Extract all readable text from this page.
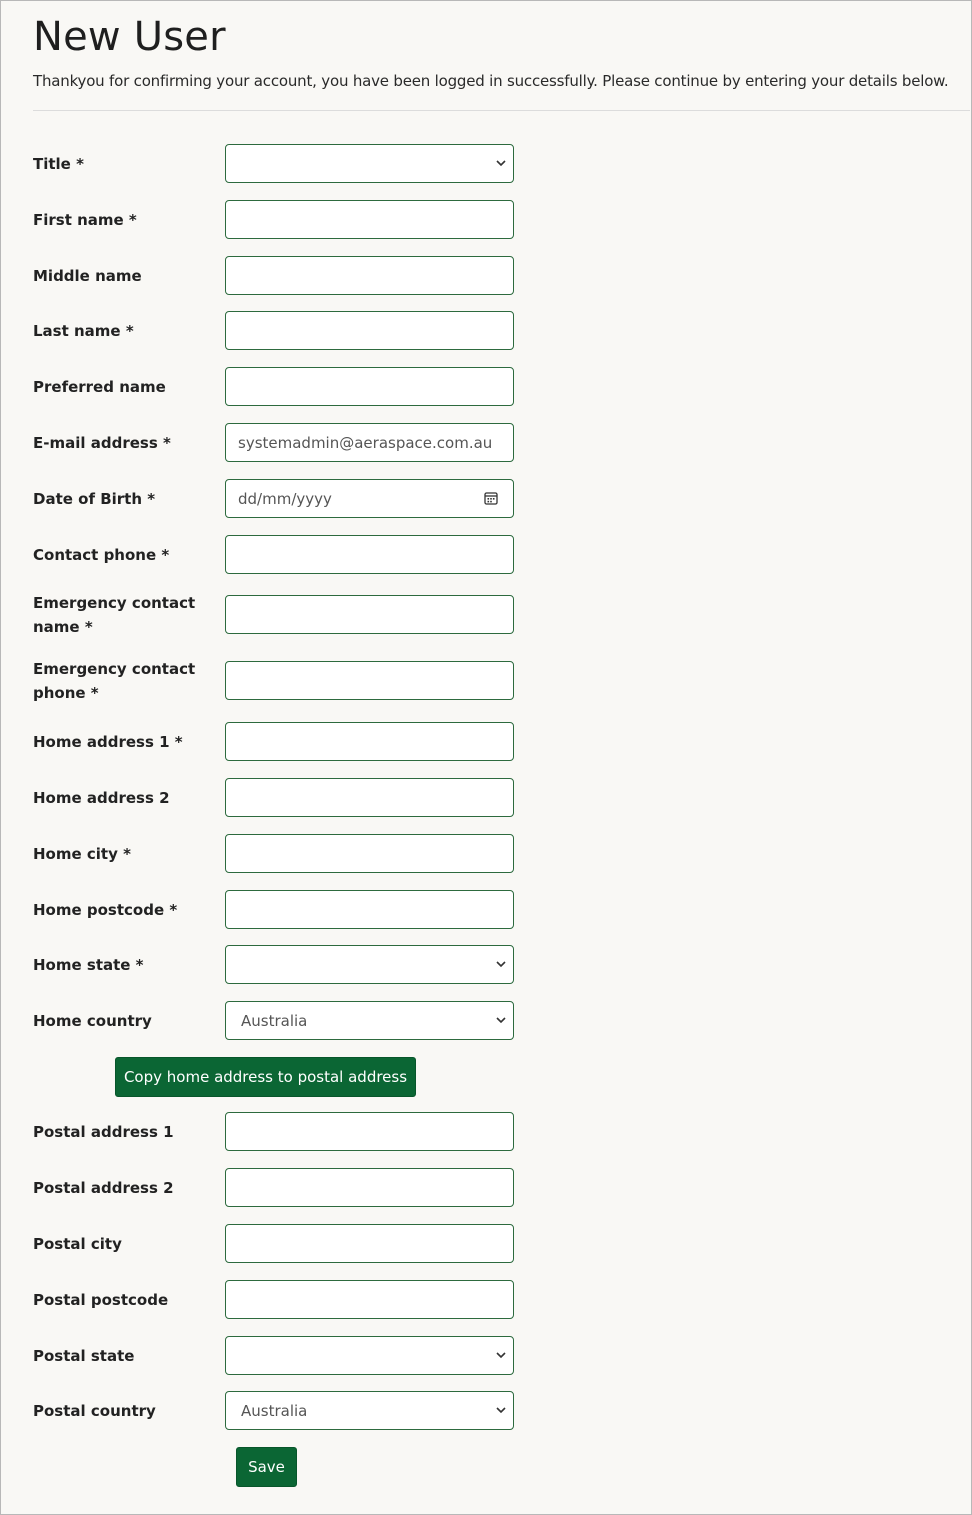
New User
Thankyou for confirming your account, you have been logged in successfully. Please continue by entering your details below.
Title *
First name *
Middle name
Last name *
Preferred name
E-mail address *	systemadmin@aeraspace.com.au
Date of Birth *	dd/mm/yyyy
Contact phone *
Emergency contact name *
Emergency contact phone *
Home address 1 *
Home address 2
Home city *
Home postcode *
Home state *
Home country	Australia
Copy home address to postal address
Postal address 1
Postal address 2
Postal city
Postal postcode
Postal state
Postal country	Australia
Save
